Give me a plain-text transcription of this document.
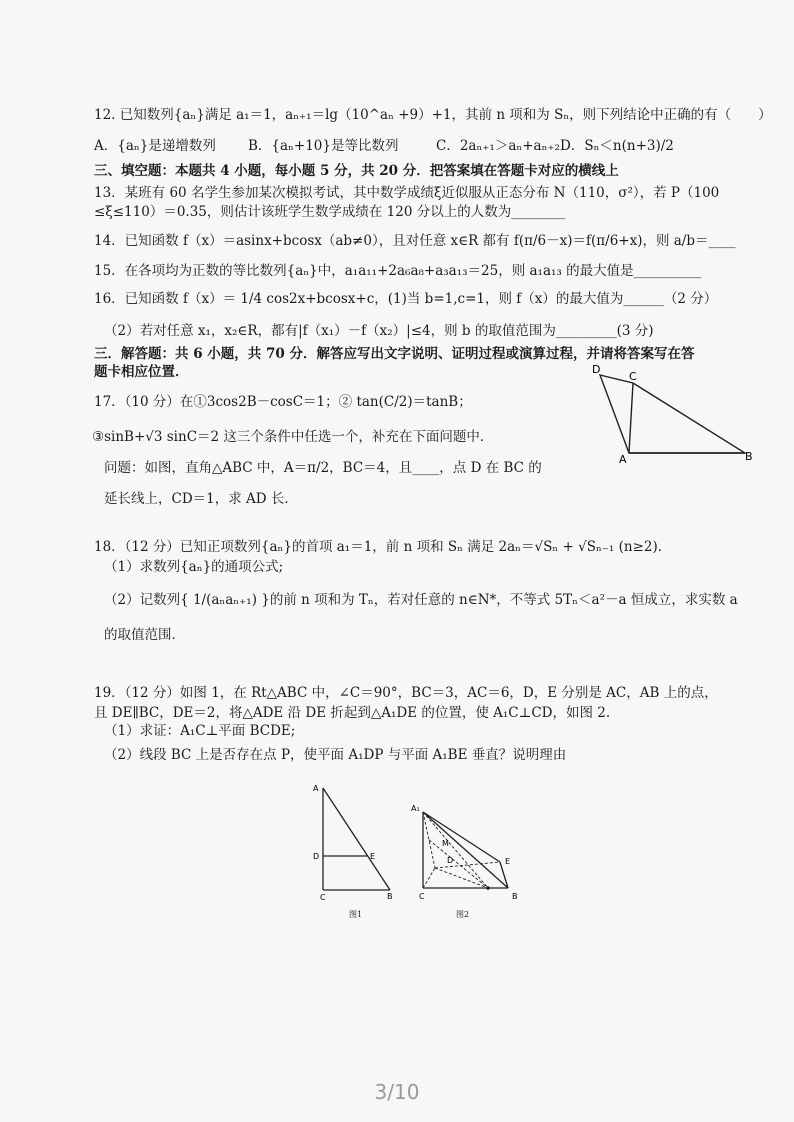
12. 已知数列{aₙ}满足 a₁＝1，aₙ₊₁＝lg（10^aₙ +9）+1，其前 n 项和为 Sₙ，则下列结论中正确的有（　　）
A．{aₙ}是递增数列 B．{aₙ+10}是等比数列	C．2aₙ₊₁＞aₙ+aₙ₊₂ D．Sₙ＜n(n+3)/2
三、填空题：本题共 4 小题，每小题 5 分，共 20 分．把答案填在答题卡对应的横线上
13．某班有 60 名学生参加某次模拟考试，其中数学成绩ξ近似服从正态分布 N（110，σ²），若 P（100
≤ξ≤110）＝0.35，则估计该班学生数学成绩在 120 分以上的人数为________
14．已知函数 f（x）＝asinx+bcosx（ab≠0），且对任意 x∈R 都有 f(π/6－x)＝f(π/6+x)，则 a/b＝____
15．在各项均为正数的等比数列{aₙ}中，a₁a₁₁+2a₆a₈+a₃a₁₃＝25，则 a₁a₁₃ 的最大值是__________
16．已知函数 f（x）＝ 1/4 cos2x+bcosx+c，(1)当 b=1,c=1，则 f（x）的最大值为______（2 分）
（2）若对任意 x₁，x₂∈R，都有|f（x₁）－f（x₂）|≤4，则 b 的取值范围为_________(3 分)
三．解答题：共 6 小题，共 70 分．解答应写出文字说明、证明过程或演算过程，并请将答案写在答
题卡相应位置．
17．（10 分）在①3cos2B－cosC＝1；② tan(C/2)＝tanB；
③sinB+√3 sinC＝2 这三个条件中任选一个，补充在下面问题中．
问题：如图，直角△ABC 中，A＝π/2，BC＝4，且____，点 D 在 BC 的
延长线上，CD＝1，求 AD 长．
D
C
A	B
18．（12 分）已知正项数列{aₙ}的首项 a₁＝1，前 n 项和 Sₙ 满足 2aₙ＝√Sₙ + √Sₙ₋₁ (n≥2)．
（1）求数列{aₙ}的通项公式;
（2）记数列{ 1/(aₙaₙ₊₁) }的前 n 项和为 Tₙ，若对任意的 n∈N*，不等式 5Tₙ＜a²－a 恒成立，求实数 a
的取值范围．
19．（12 分）如图 1，在 Rt△ABC 中，∠C＝90°，BC＝3，AC＝6，D，E 分别是 AC，AB 上的点，
且 DE∥BC，DE＝2，将△ADE 沿 DE 折起到△A₁DE 的位置，使 A₁C⊥CD，如图 2.
（1）求证：A₁C⊥平面 BCDE;
（2）线段 BC 上是否存在点 P，使平面 A₁DP 与平面 A₁BE 垂直？说明理由
A
D	E
C	B
图1
A₁
M
D	E
C	B
图2
3/10
